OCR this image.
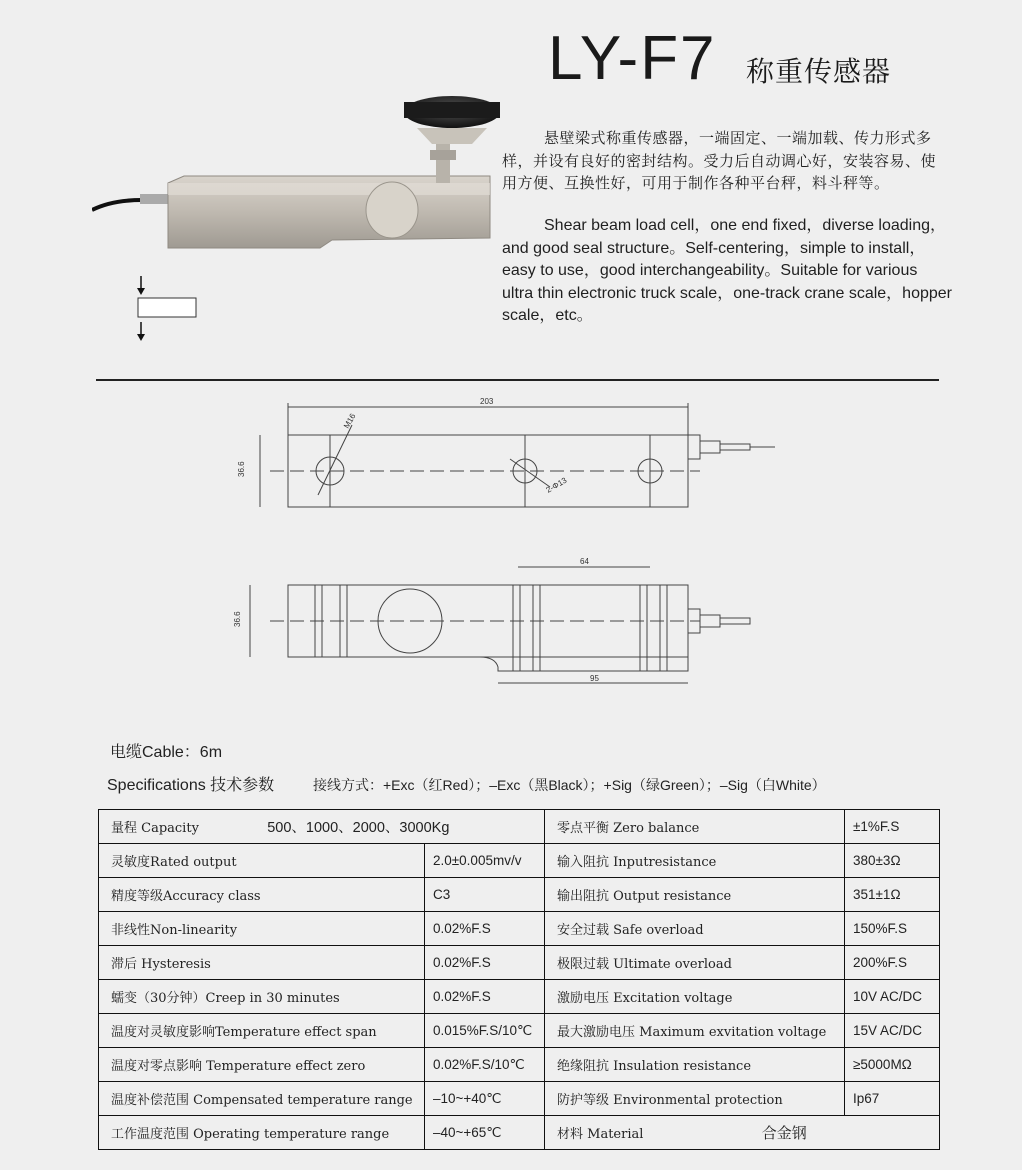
LY-F7 称重传感器
悬壁梁式称重传感器，一端固定、一端加载、传力形式多样，并设有良好的密封结构。受力后自动调心好，安装容易、使用方便、互换性好，可用于制作各种平台秤，料斗秤等。
Shear beam load cell，one end fixed，diverse loading，and good seal structure。Self-centering，simple to install，easy to use，good interchangeability。Suitable for various ultra thin electronic truck scale，one-track crane scale，hopper scale，etc。
203
36.6
M16
2-Φ13
36.6
64
95
电缆Cable：6m
Specifications 技术参数	接线方式：+Exc（红Red）；–Exc（黑Black）；+Sig（绿Green）；–Sig（白White）
量程 Capacity 500、1000、2000、3000Kg		零点平衡 Zero balance	±1%F.S
灵敏度Rated output	2.0±0.005mv/v	输入阻抗 Inputresistance	380±3Ω
精度等级Accuracy class	C3	输出阻抗 Output resistance	351±1Ω
非线性Non-linearity	0.02%F.S	安全过载 Safe overload	150%F.S
滞后 Hysteresis	0.02%F.S	极限过载 Ultimate overload	200%F.S
蠕变（30分钟）Creep in 30 minutes	0.02%F.S	激励电压 Excitation voltage	10V AC/DC
温度对灵敏度影响Temperature effect span	0.015%F.S/10℃	最大激励电压 Maximum exvitation voltage	15V AC/DC
温度对零点影响 Temperature effect zero	0.02%F.S/10℃	绝缘阻抗 Insulation resistance	≥5000MΩ
温度补偿范围 Compensated temperature range	–10~+40℃	防护等级 Environmental protection	Ip67
工作温度范围 Operating temperature range	–40~+65℃	材料 Material 合金钢	
